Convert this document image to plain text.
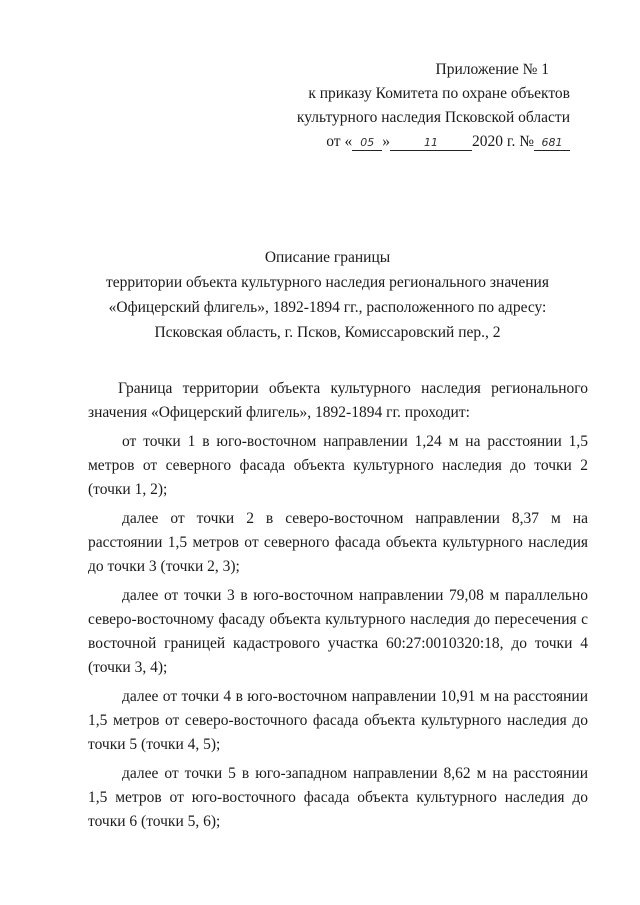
Приложение № 1
к приказу Комитета по охране объектов
культурного наследия Псковской области
от « 05 »	11 2020 г. № 681
Описание границы
территории объекта культурного наследия регионального значения
«Офицерский флигель», 1892-1894 гг., расположенного по адресу:
Псковская область, г. Псков, Комиссаровский пер., 2

Граница территории объекта культурного наследия регионального значения «Офицерский флигель», 1892-1894 гг. проходит:

от точки 1 в юго-восточном направлении 1,24 м на расстоянии 1,5 метров от северного фасада объекта культурного наследия до точки 2 (точки 1, 2);

далее от точки 2 в северо-восточном направлении 8,37 м на расстоянии 1,5 метров от северного фасада объекта культурного наследия до точки 3 (точки 2, 3);

далее от точки 3 в юго-восточном направлении 79,08 м параллельно северо-восточному фасаду объекта культурного наследия до пересечения с восточной границей кадастрового участка 60:27:0010320:18, до точки 4 (точки 3, 4);

далее от точки 4 в юго-восточном направлении 10,91 м на расстоянии 1,5 метров от северо-восточного фасада объекта культурного наследия до точки 5 (точки 4, 5);

далее от точки 5 в юго-западном направлении 8,62 м на расстоянии 1,5 метров от юго-восточного фасада объекта культурного наследия до точки 6 (точки 5, 6);
